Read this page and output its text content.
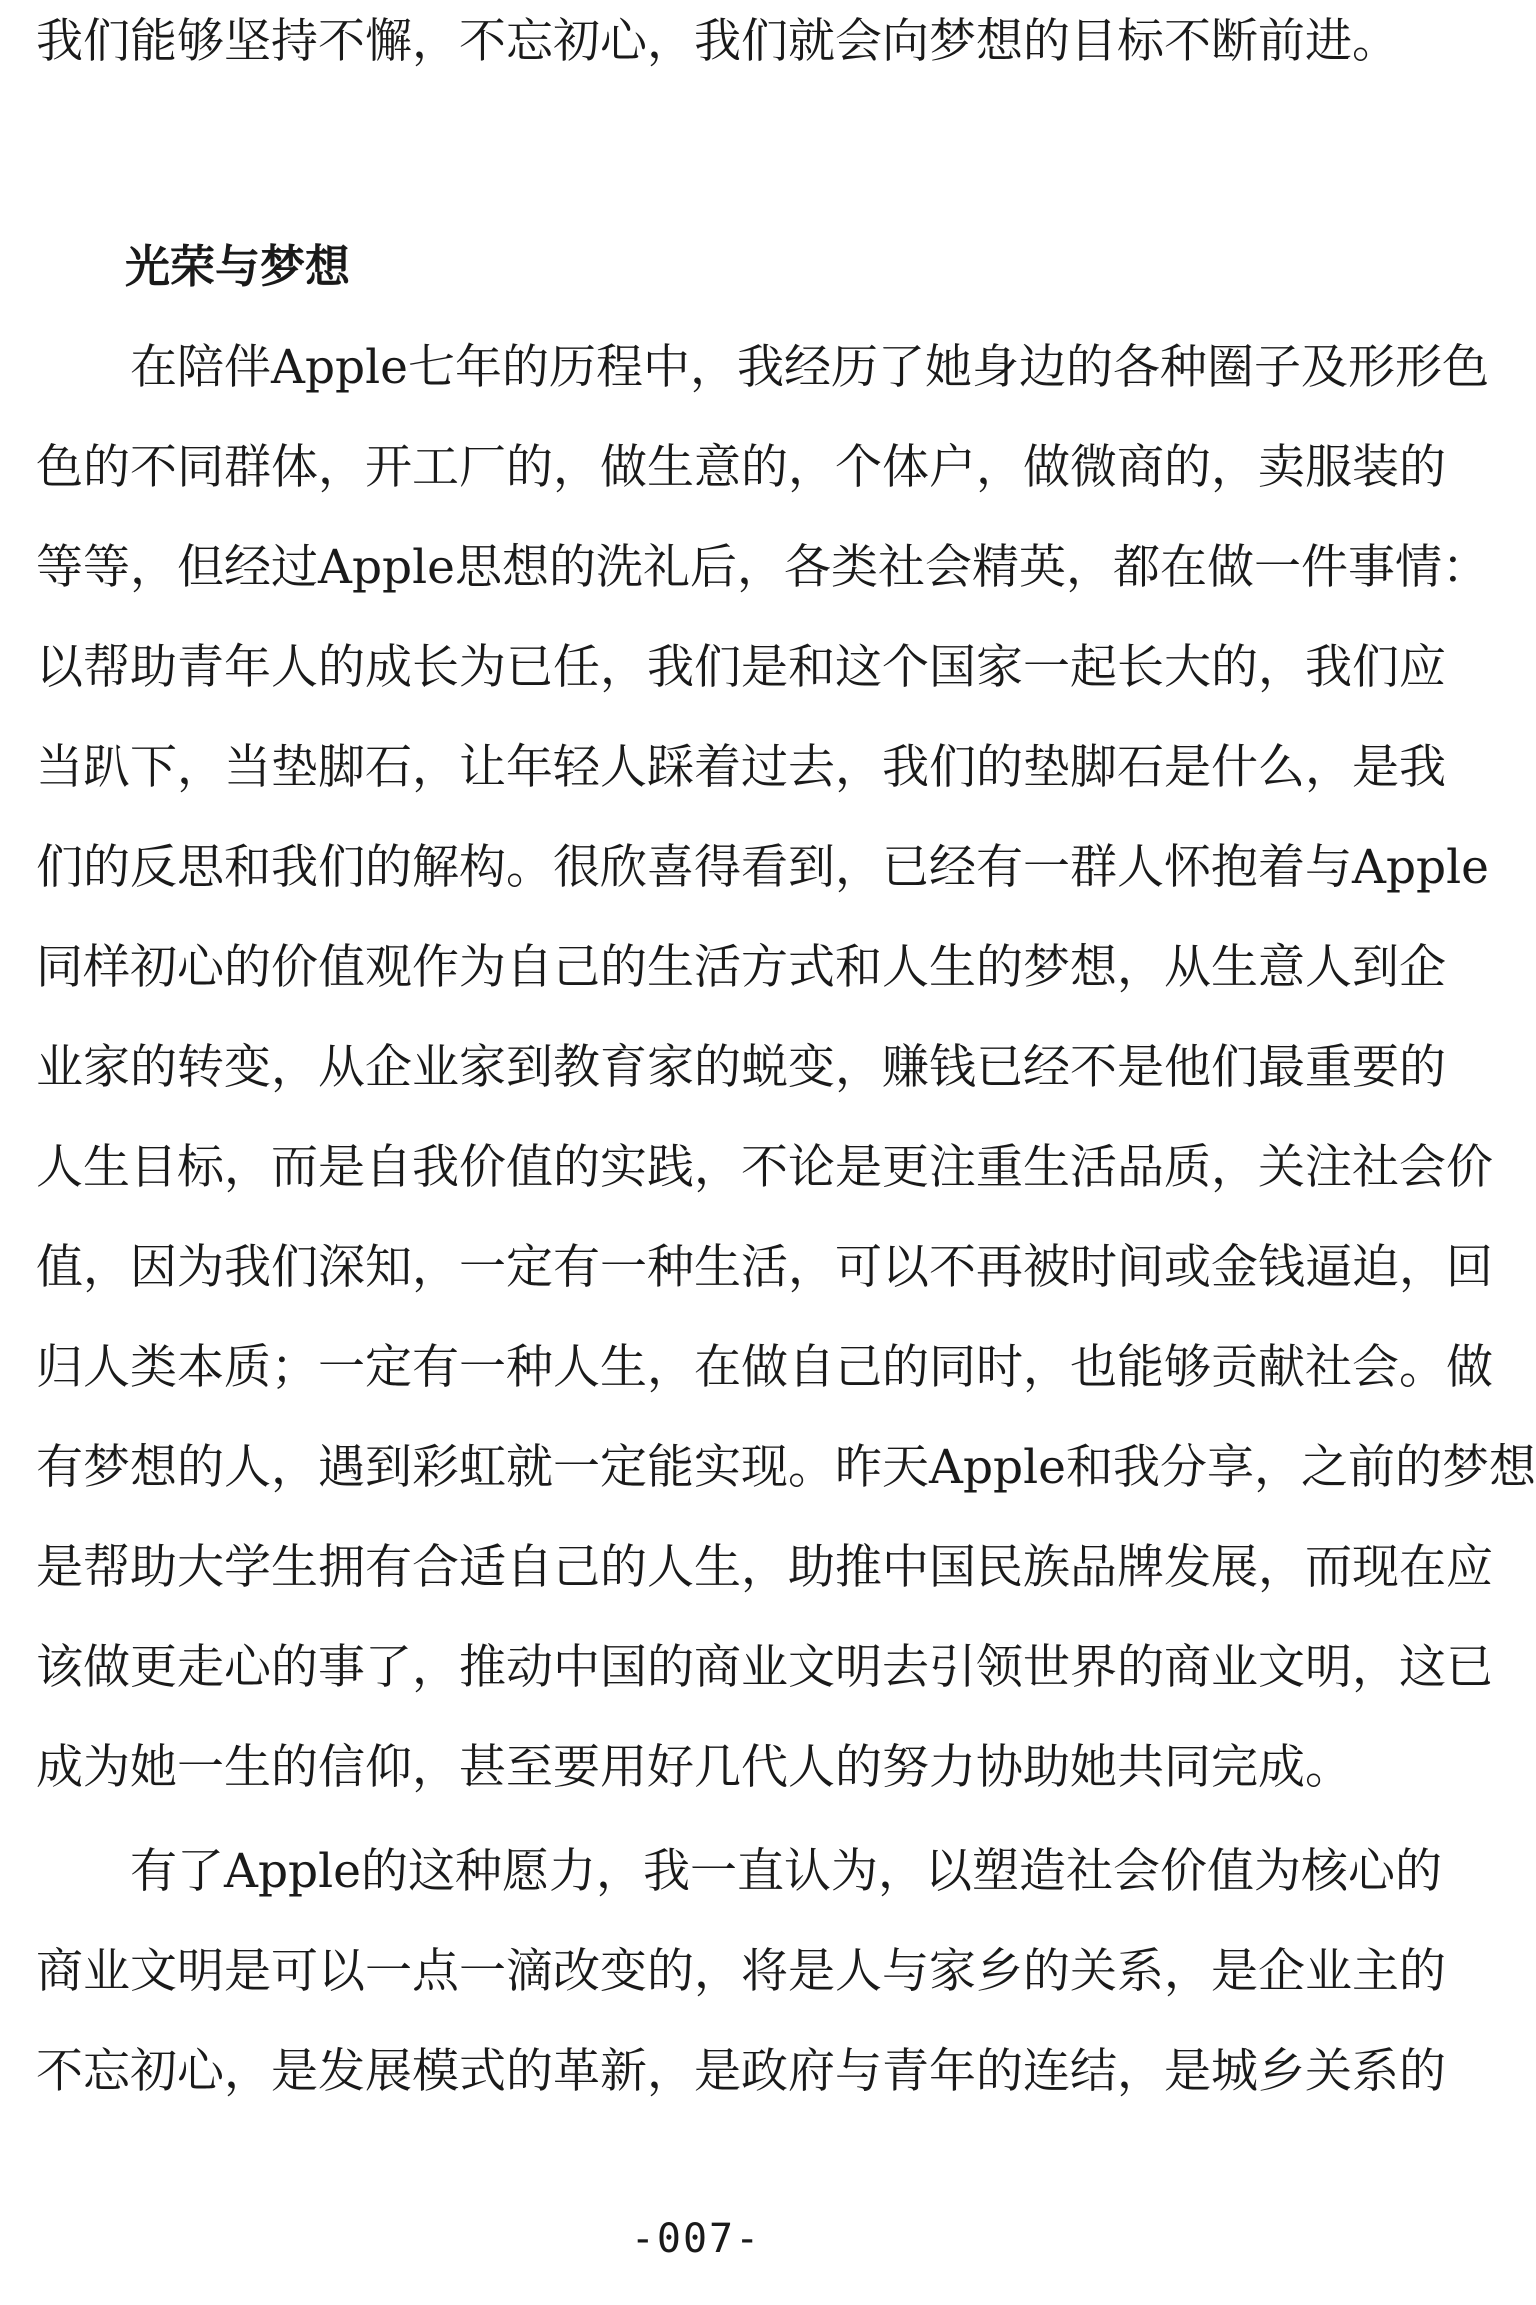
我们能够坚持不懈，不忘初心，我们就会向梦想的目标不断前进。
光荣与梦想
　　在陪伴Apple七年的历程中，我经历了她身边的各种圈子及形形色
色的不同群体，开工厂的，做生意的，个体户，做微商的，卖服装的
等等，但经过Apple思想的洗礼后，各类社会精英，都在做一件事情：
以帮助青年人的成长为已任，我们是和这个国家一起长大的，我们应
当趴下，当垫脚石，让年轻人踩着过去，我们的垫脚石是什么，是我
们的反思和我们的解构。很欣喜得看到，已经有一群人怀抱着与Apple
同样初心的价值观作为自己的生活方式和人生的梦想，从生意人到企
业家的转变，从企业家到教育家的蜕变，赚钱已经不是他们最重要的
人生目标，而是自我价值的实践，不论是更注重生活品质，关注社会价
值，因为我们深知，一定有一种生活，可以不再被时间或金钱逼迫，回
归人类本质；一定有一种人生，在做自己的同时，也能够贡献社会。做
有梦想的人，遇到彩虹就一定能实现。昨天Apple和我分享，之前的梦想
是帮助大学生拥有合适自己的人生，助推中国民族品牌发展，而现在应
该做更走心的事了，推动中国的商业文明去引领世界的商业文明，这已
成为她一生的信仰，甚至要用好几代人的努力协助她共同完成。
　　有了Apple的这种愿力，我一直认为，以塑造社会价值为核心的
商业文明是可以一点一滴改变的，将是人与家乡的关系，是企业主的
不忘初心，是发展模式的革新，是政府与青年的连结，是城乡关系的
-007-
